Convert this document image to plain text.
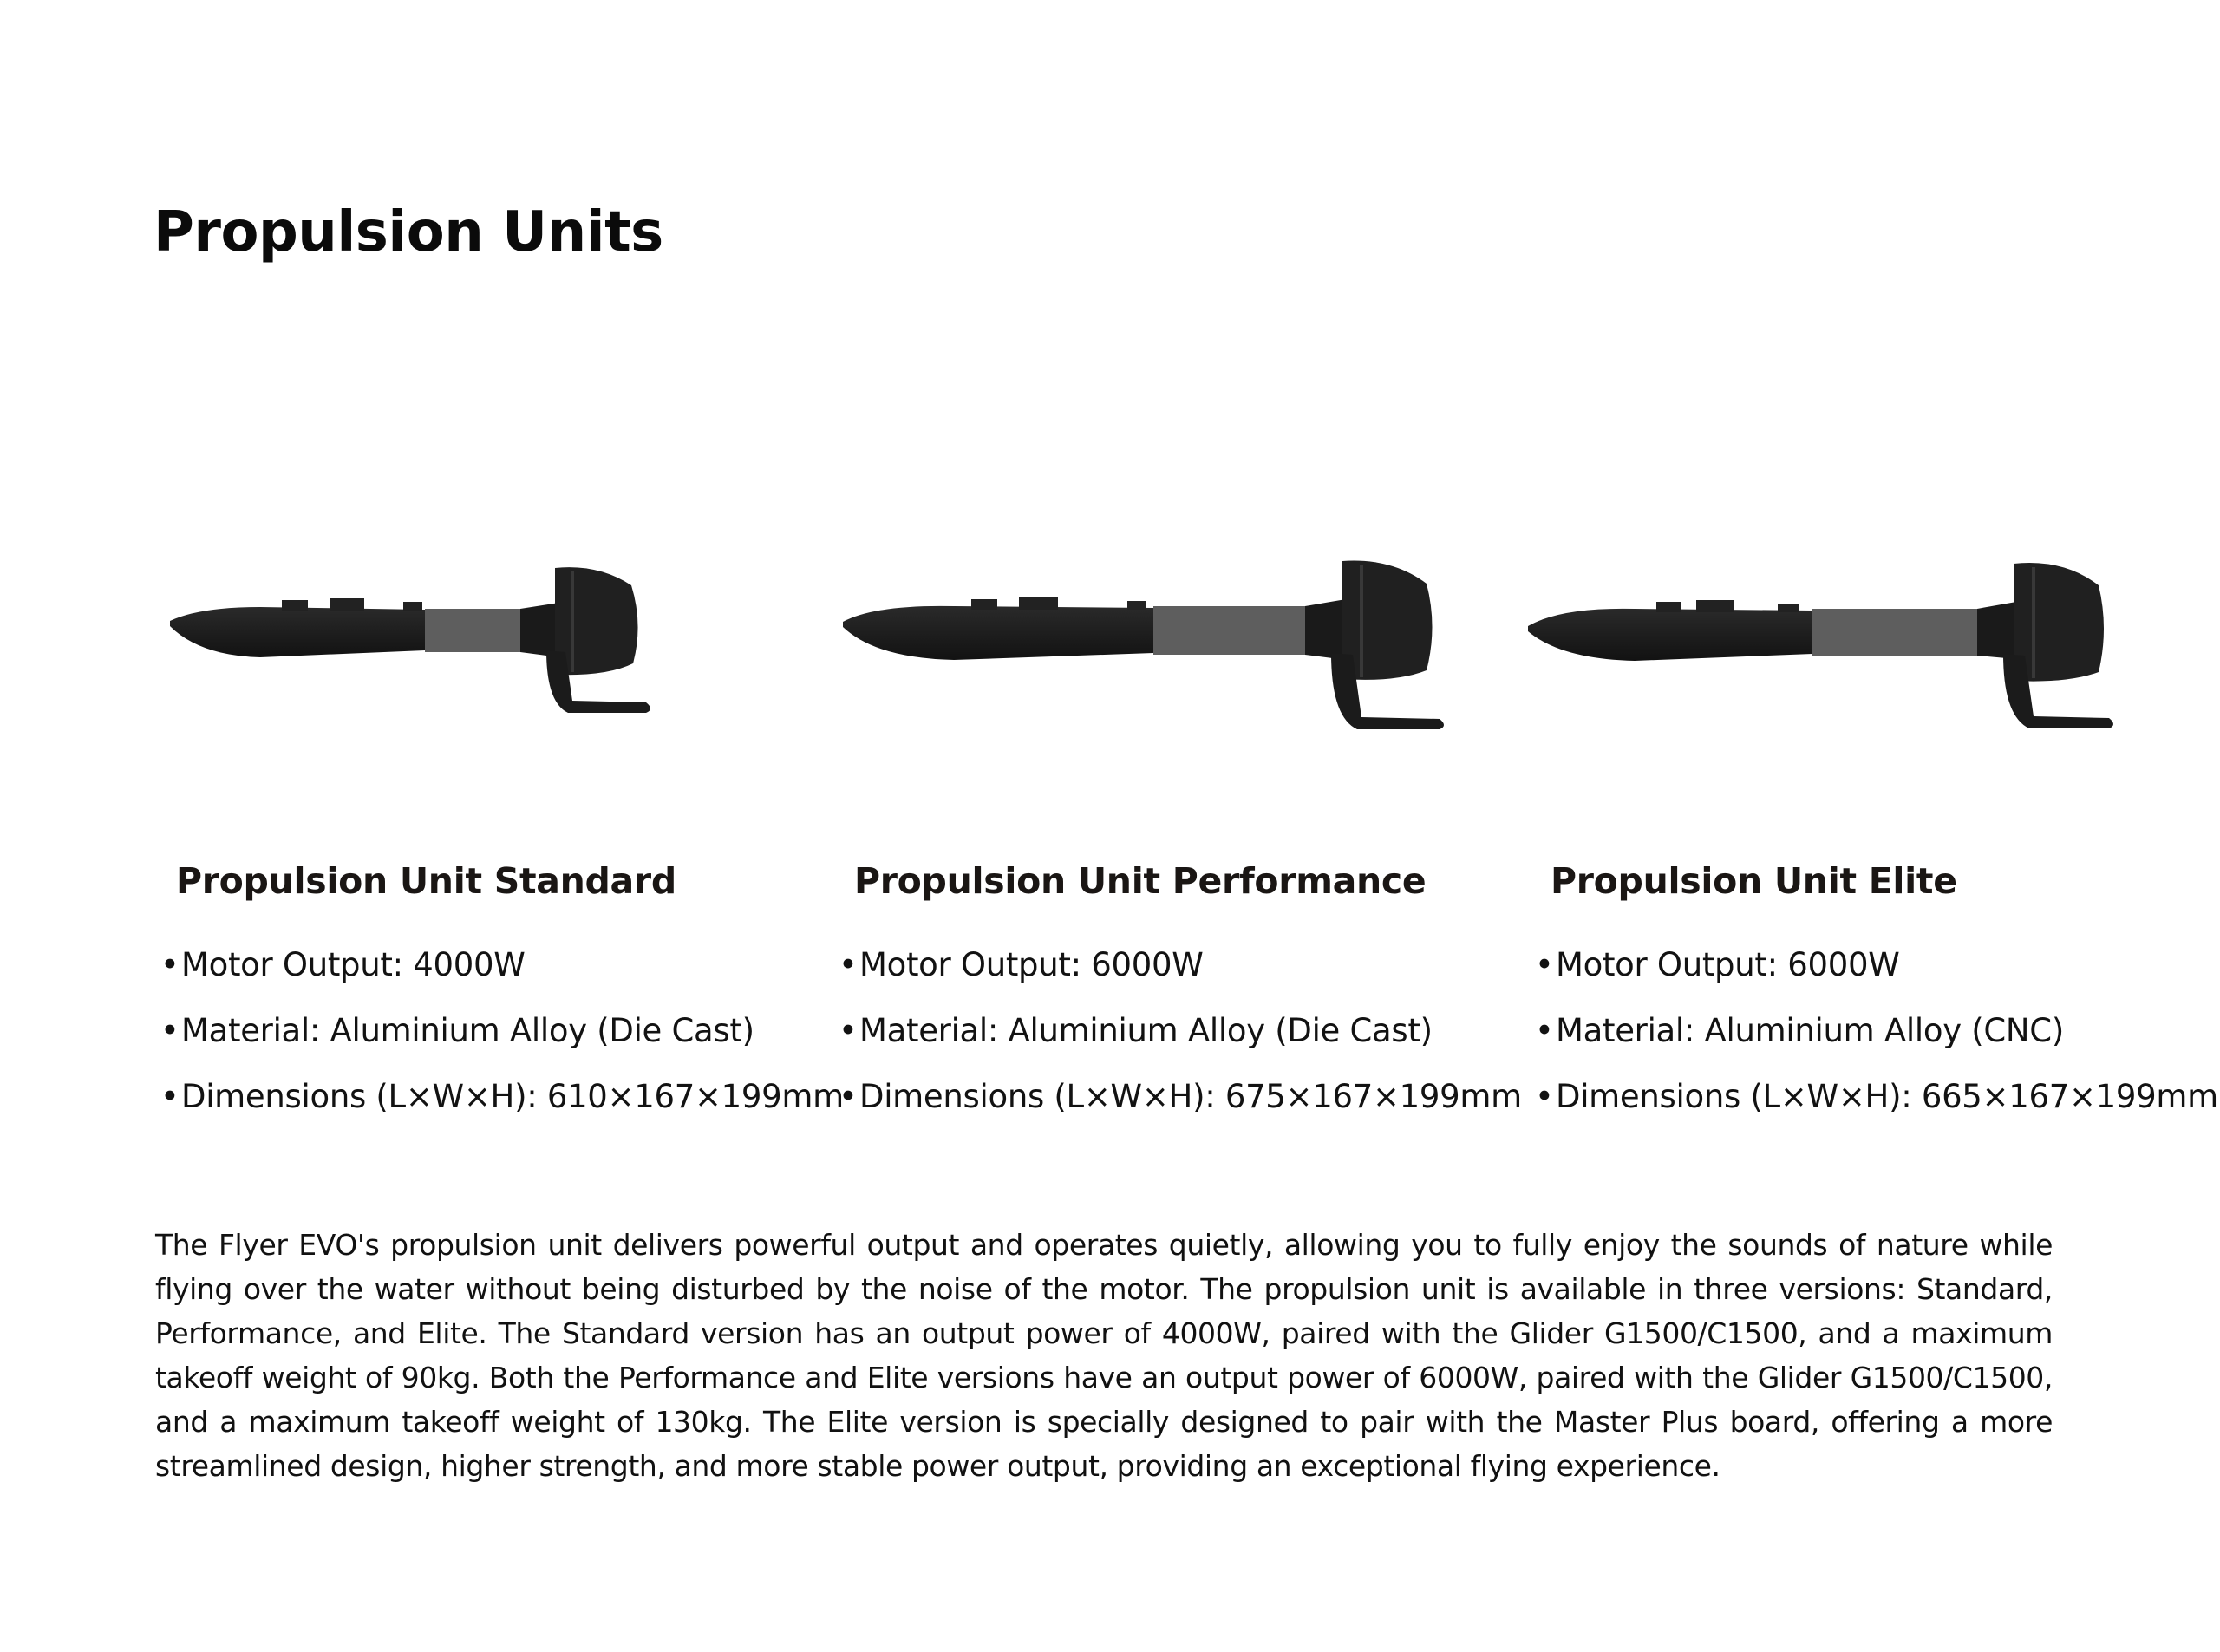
Propulsion Units
Propulsion Unit Standard
• Motor Output: 4000W
• Material: Aluminium Alloy (Die Cast)
• Dimensions (L×W×H): 610×167×199mm
Propulsion Unit Performance
• Motor Output: 6000W
• Material: Aluminium Alloy (Die Cast)
• Dimensions (L×W×H): 675×167×199mm
Propulsion Unit Elite
• Motor Output: 6000W
• Material: Aluminium Alloy (CNC)
• Dimensions (L×W×H): 665×167×199mm

The Flyer EVO's propulsion unit delivers powerful output and operates quietly, allowing you to fully enjoy the sounds of nature while flying over the water without being disturbed by the noise of the motor. The propulsion unit is available in three versions: Standard, Performance, and Elite. The Standard version has an output power of 4000W, paired with the Glider G1500/C1500, and a maximum takeoff weight of 90kg. Both the Performance and Elite versions have an output power of 6000W, paired with the Glider G1500/C1500, and a maximum takeoff weight of 130kg. The Elite version is specially designed to pair with the Master Plus board, offering a more streamlined design, higher strength, and more stable power output, providing an exceptional flying experience.
